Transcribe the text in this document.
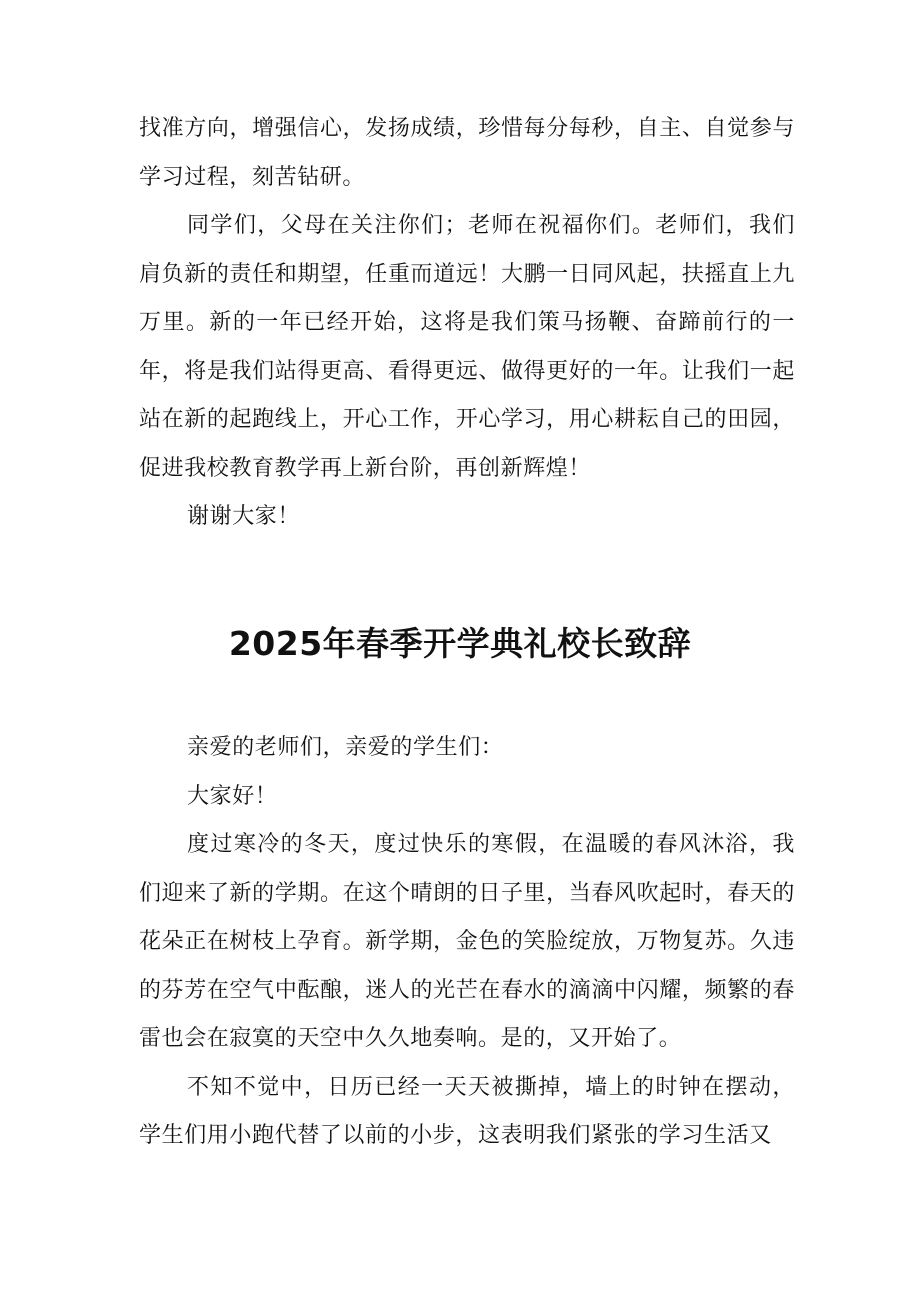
找准方向，增强信心，发扬成绩，珍惜每分每秒，自主、自觉参与学习过程，刻苦钻研。

同学们，父母在关注你们；老师在祝福你们。老师们，我们肩负新的责任和期望，任重而道远！大鹏一日同风起，扶摇直上九万里。新的一年已经开始，这将是我们策马扬鞭、奋蹄前行的一年，将是我们站得更高、看得更远、做得更好的一年。让我们一起站在新的起跑线上，开心工作，开心学习，用心耕耘自己的田园，促进我校教育教学再上新台阶，再创新辉煌！

谢谢大家！

2025年春季开学典礼校长致辞

亲爱的老师们，亲爱的学生们：

大家好！

度过寒冷的冬天，度过快乐的寒假，在温暖的春风沐浴，我们迎来了新的学期。在这个晴朗的日子里，当春风吹起时，春天的花朵正在树枝上孕育。新学期，金色的笑脸绽放，万物复苏。久违的芬芳在空气中酝酿，迷人的光芒在春水的滴滴中闪耀，频繁的春雷也会在寂寞的天空中久久地奏响。是的，又开始了。

不知不觉中，日历已经一天天被撕掉，墙上的时钟在摆动，学生们用小跑代替了以前的小步，这表明我们紧张的学习生活又
